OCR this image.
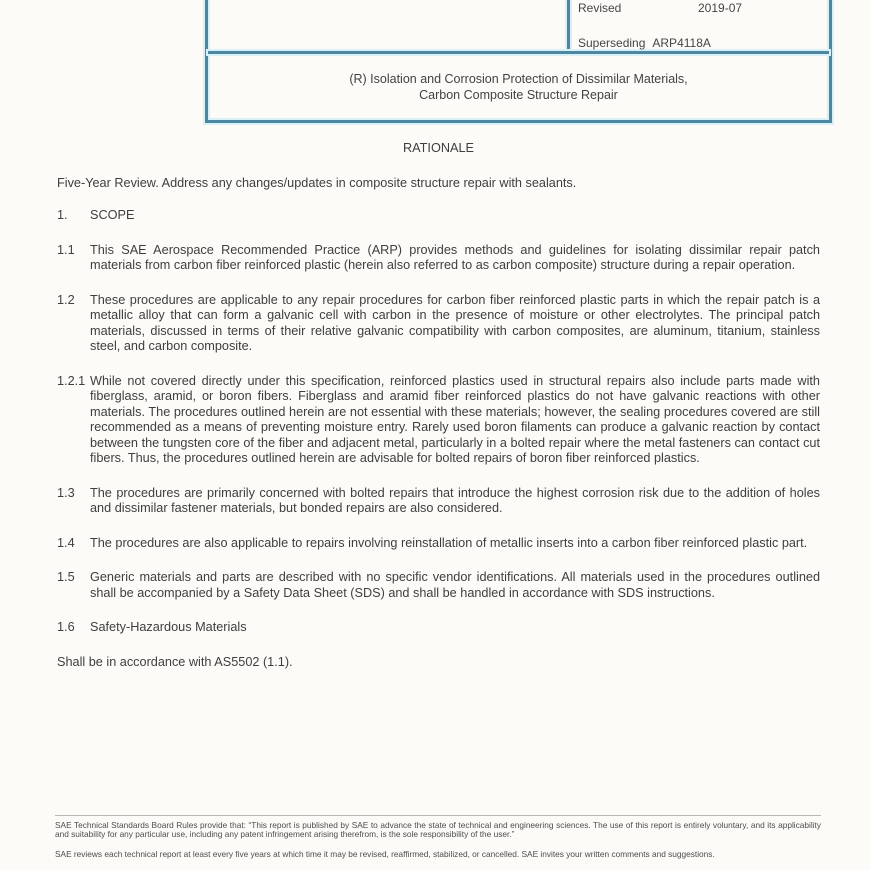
Revised	2019-07
Superseding ARP4118A
(R) Isolation and Corrosion Protection of Dissimilar Materials,
Carbon Composite Structure Repair
RATIONALE

Five-Year Review. Address any changes/updates in composite structure repair with sealants.

1.	SCOPE
1.1	This SAE Aerospace Recommended Practice (ARP) provides methods and guidelines for isolating dissimilar repair patch materials from carbon fiber reinforced plastic (herein also referred to as carbon composite) structure during a repair operation.
1.2	These procedures are applicable to any repair procedures for carbon fiber reinforced plastic parts in which the repair patch is a metallic alloy that can form a galvanic cell with carbon in the presence of moisture or other electrolytes. The principal patch materials, discussed in terms of their relative galvanic compatibility with carbon composites, are aluminum, titanium, stainless steel, and carbon composite.
1.2.1 While not covered directly under this specification, reinforced plastics used in structural repairs also include parts made with fiberglass, aramid, or boron fibers. Fiberglass and aramid fiber reinforced plastics do not have galvanic reactions with other materials. The procedures outlined herein are not essential with these materials; however, the sealing procedures covered are still recommended as a means of preventing moisture entry. Rarely used boron filaments can produce a galvanic reaction by contact between the tungsten core of the fiber and adjacent metal, particularly in a bolted repair where the metal fasteners can contact cut fibers. Thus, the procedures outlined herein are advisable for bolted repairs of boron fiber reinforced plastics.
1.3	The procedures are primarily concerned with bolted repairs that introduce the highest corrosion risk due to the addition of holes and dissimilar fastener materials, but bonded repairs are also considered.
1.4	The procedures are also applicable to repairs involving reinstallation of metallic inserts into a carbon fiber reinforced plastic part.
1.5	Generic materials and parts are described with no specific vendor identifications. All materials used in the procedures outlined shall be accompanied by a Safety Data Sheet (SDS) and shall be handled in accordance with SDS instructions.
1.6	Safety-Hazardous Materials

Shall be in accordance with AS5502 (1.1).

SAE Technical Standards Board Rules provide that: “This report is published by SAE to advance the state of technical and engineering sciences. The use of this report is entirely voluntary, and its applicability and suitability for any particular use, including any patent infringement arising therefrom, is the sole responsibility of the user.”

SAE reviews each technical report at least every five years at which time it may be revised, reaffirmed, stabilized, or cancelled. SAE invites your written comments and suggestions.
